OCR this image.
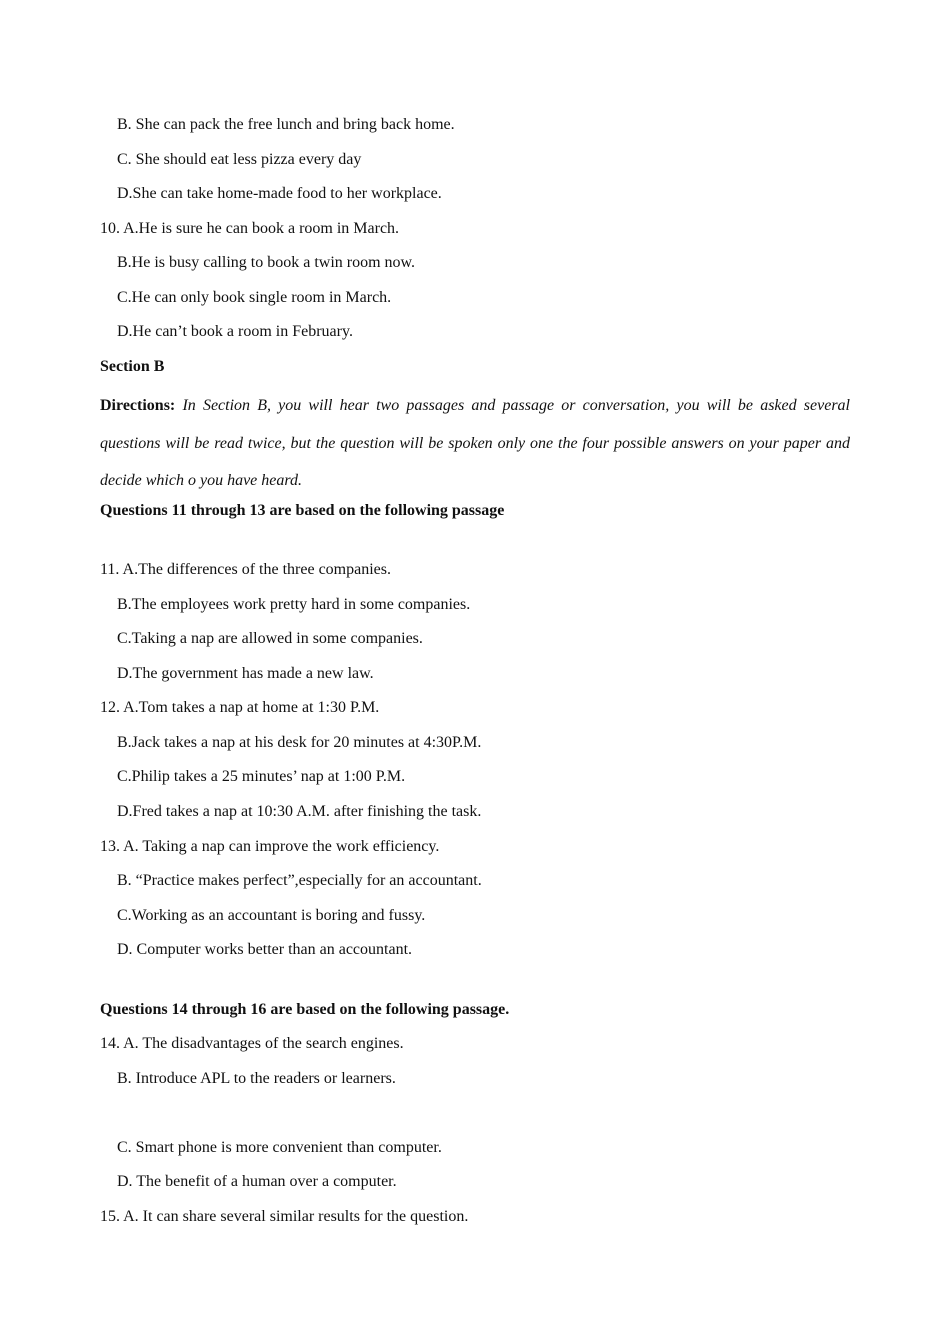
B. She can pack the free lunch and bring back home.
C. She should eat less pizza every day
D.She can take home-made food to her workplace.
10. A.He is sure he can book a room in March.
B.He is busy calling to book a twin room now.
C.He can only book single room in March.
D.He can’t book a room in February.
Section B
Directions: In Section B, you will hear two passages and passage or conversation, you will be asked several questions will be read twice, but the question will be spoken only one the four possible answers on your paper and decide which o you have heard.
Questions 11 through 13 are based on the following passage
11. A.The differences of the three companies.
B.The employees work pretty hard in some companies.
C.Taking a nap are allowed in some companies.
D.The government has made a new law.
12. A.Tom takes a nap at home at 1:30 P.M.
B.Jack takes a nap at his desk for 20 minutes at 4:30P.M.
C.Philip takes a 25 minutes’ nap at 1:00 P.M.
D.Fred takes a nap at 10:30 A.M. after finishing the task.
13. A. Taking a nap can improve the work efficiency.
B. “Practice makes perfect”,especially for an accountant.
C.Working as an accountant is boring and fussy.
D. Computer works better than an accountant.
Questions 14 through 16 are based on the following passage.
14. A. The disadvantages of the search engines.
B. Introduce APL to the readers or learners.
C. Smart phone is more convenient than computer.
D. The benefit of a human over a computer.
15. A. It can share several similar results for the question.
